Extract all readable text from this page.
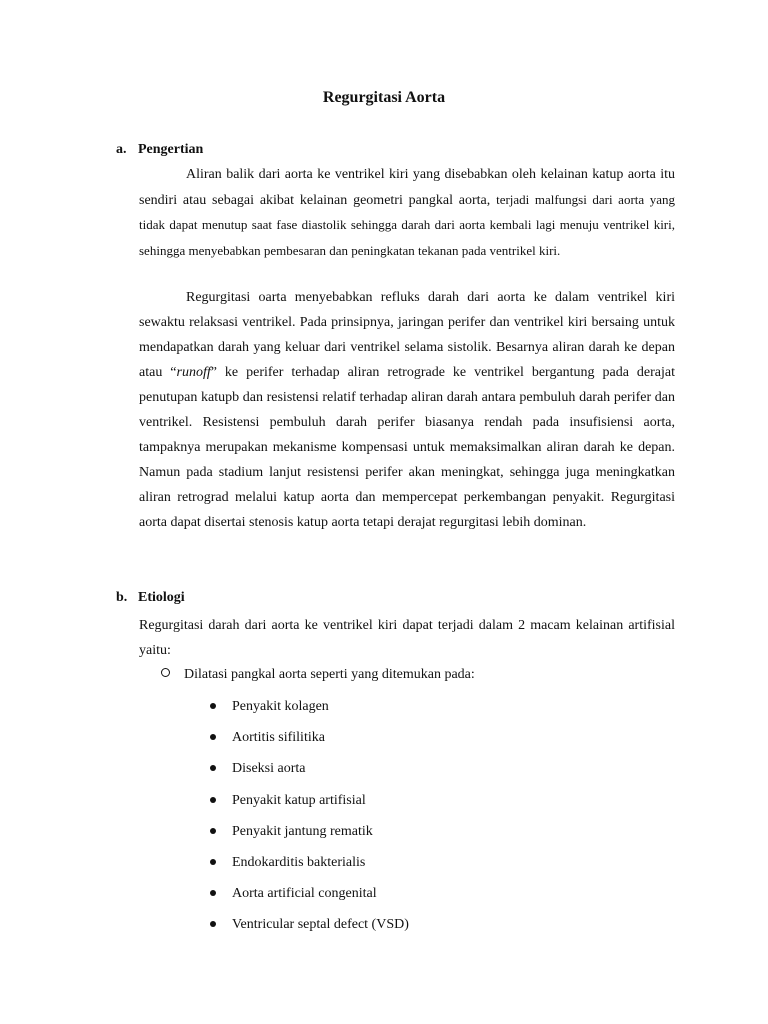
Regurgitasi Aorta
a. Pengertian

Aliran balik dari aorta ke ventrikel kiri yang disebabkan oleh kelainan katup aorta itu sendiri atau sebagai akibat kelainan geometri pangkal aorta, terjadi malfungsi dari aorta yang tidak dapat menutup saat fase diastolik sehingga darah dari aorta kembali lagi menuju ventrikel kiri, sehingga menyebabkan pembesaran dan peningkatan tekanan pada ventrikel kiri.

Regurgitasi oarta menyebabkan refluks darah dari aorta ke dalam ventrikel kiri sewaktu relaksasi ventrikel. Pada prinsipnya, jaringan perifer dan ventrikel kiri bersaing untuk mendapatkan darah yang keluar dari ventrikel selama sistolik. Besarnya aliran darah ke depan atau “runoff” ke perifer terhadap aliran retrograde ke ventrikel bergantung pada derajat penutupan katupb dan resistensi relatif terhadap aliran darah antara pembuluh darah perifer dan ventrikel. Resistensi pembuluh darah perifer biasanya rendah pada insufisiensi aorta, tampaknya merupakan mekanisme kompensasi untuk memaksimalkan aliran darah ke depan. Namun pada stadium lanjut resistensi perifer akan meningkat, sehingga juga meningkatkan aliran retrograd melalui katup aorta dan mempercepat perkembangan penyakit. Regurgitasi aorta dapat disertai stenosis katup aorta tetapi derajat regurgitasi lebih dominan.

b. Etiologi

Regurgitasi darah dari aorta ke ventrikel kiri dapat terjadi dalam 2 macam kelainan artifisial yaitu:

Dilatasi pangkal aorta seperti yang ditemukan pada:
Penyakit kolagen
Aortitis sifilitika
Diseksi aorta
Penyakit katup artifisial
Penyakit jantung rematik
Endokarditis bakterialis
Aorta artificial congenital
Ventricular septal defect (VSD)
